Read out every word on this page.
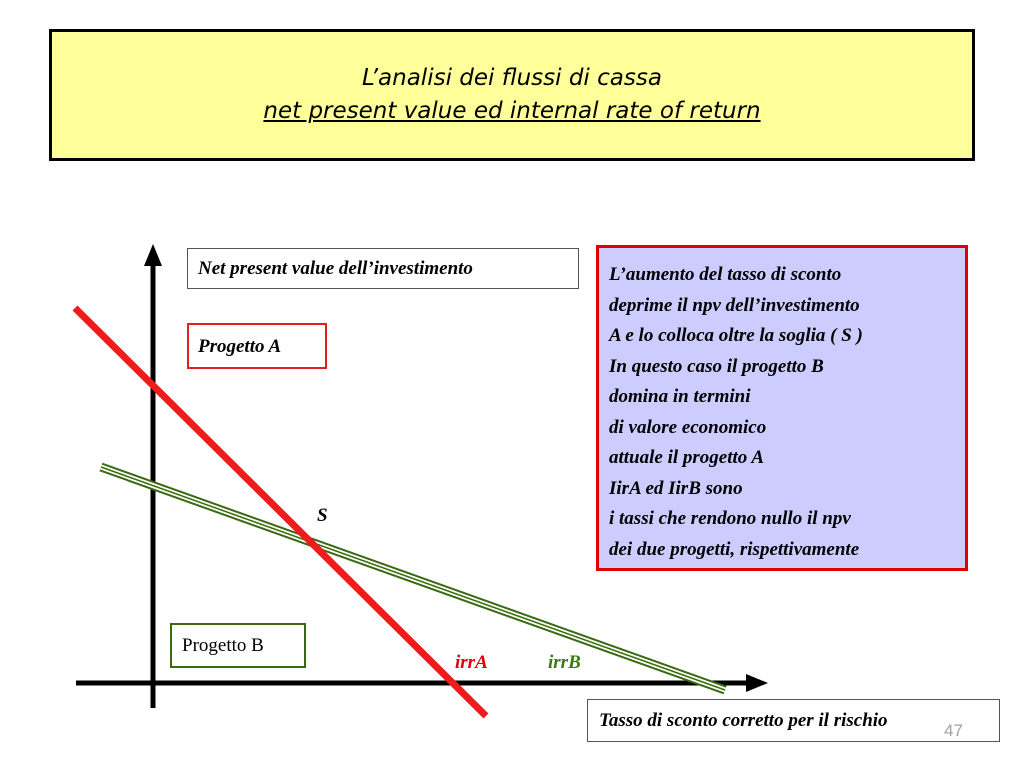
L’analisi dei flussi di cassa
net present value ed internal rate of return
Net present value dell’investimento
Progetto A
Progetto B
Tasso di sconto corretto per il rischio
S
irrA	irrB
L’aumento del tasso di sconto
deprime il npv dell’investimento
A e lo colloca oltre la soglia ( S )
In questo caso il progetto B
domina in termini
di valore economico
attuale il progetto A
IirA ed IirB sono
i tassi che rendono nullo il npv
dei due progetti, rispettivamente
47
